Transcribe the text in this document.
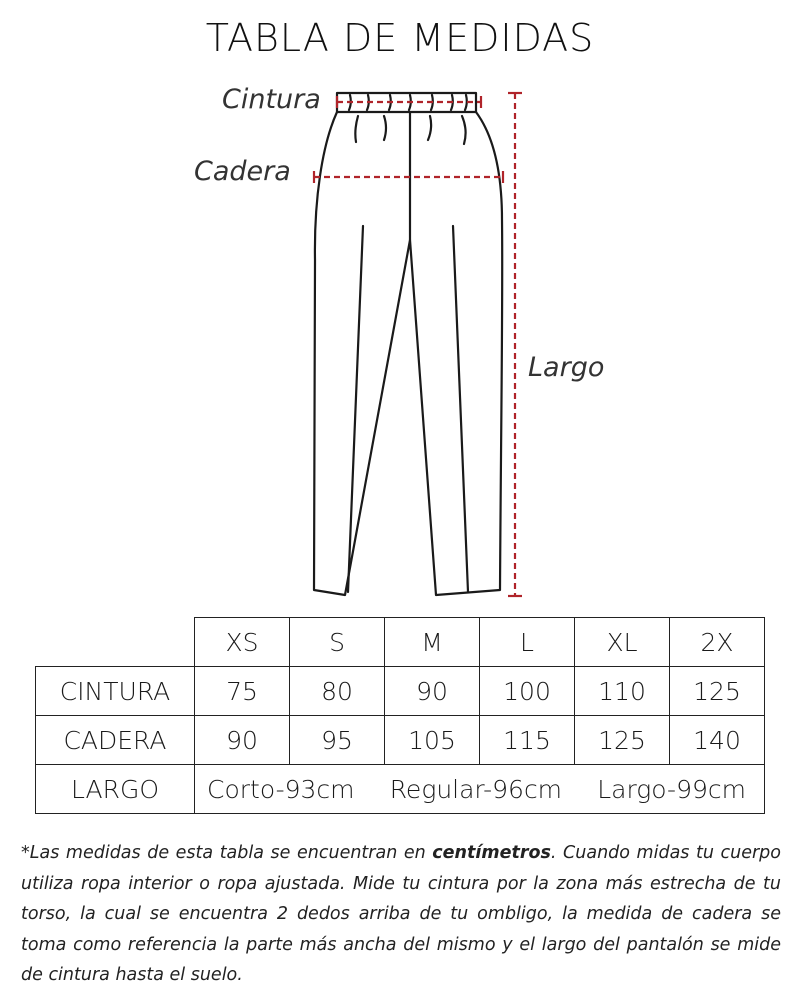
TABLA DE MEDIDAS
Cintura
Cadera
Largo
	XS	S	M	L	XL	2X
CINTURA	75	80	90	100	110	125
CADERA	90	95	105	115	125	140
LARGO	Corto-93cm Regular-96cm Largo-99cm					
*Las medidas de esta tabla se encuentran en centímetros. Cuando midas tu cuerpo utiliza ropa interior o ropa ajustada. Mide tu cintura por la zona más estrecha de tu torso, la cual se encuentra 2 dedos arriba de tu ombligo, la medida de cadera se toma como referencia la parte más ancha del mismo y el largo del pantalón se mide de cintura hasta el suelo.
